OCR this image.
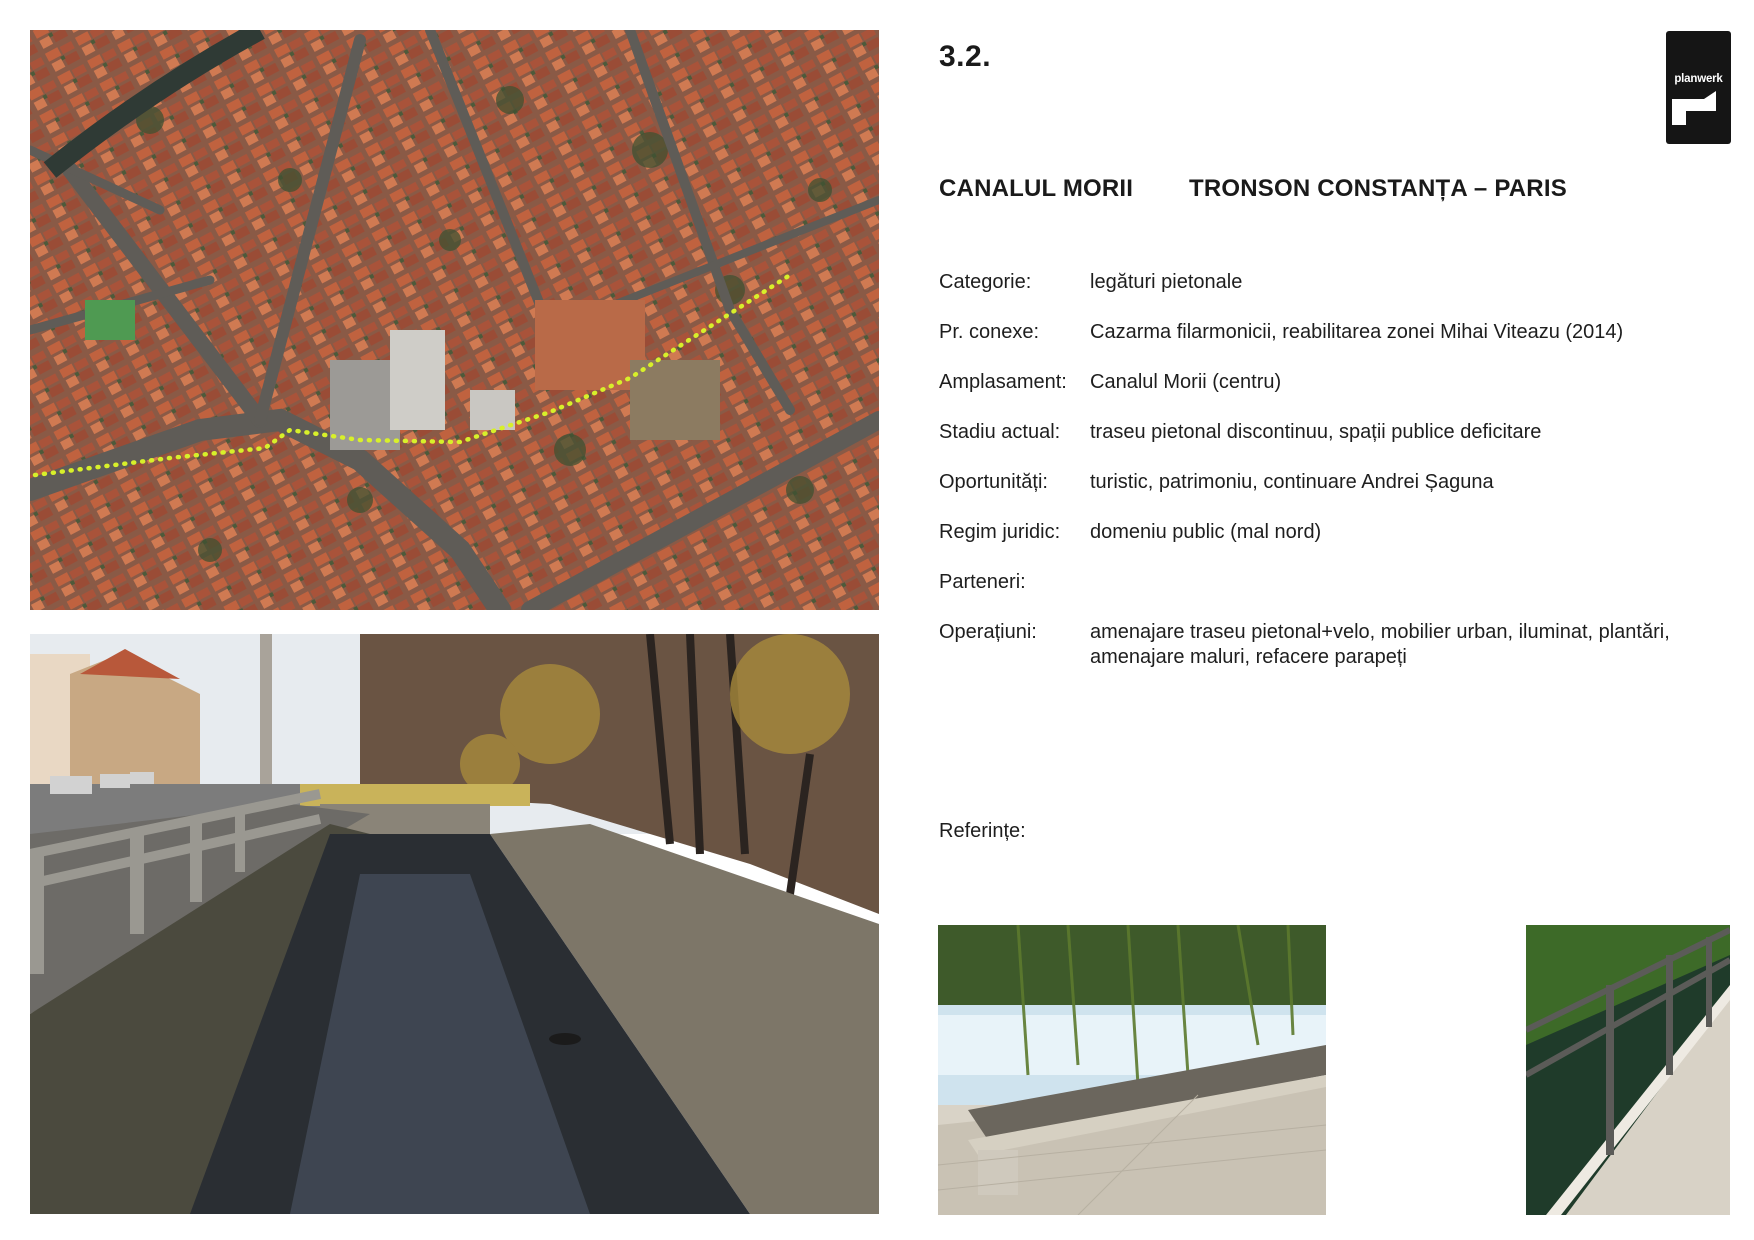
3.2.
planwerk
CANALUL MORII TRONSON CONSTANȚA – PARIS
Categorie:	legături pietonale
Pr. conexe:	Cazarma filarmonicii, reabilitarea zonei Mihai Viteazu (2014)
Amplasament: Canalul Morii (centru)
Stadiu actual: traseu pietonal discontinuu, spații publice deficitare
Oportunități: turistic, patrimoniu, continuare Andrei Șaguna
Regim juridic: domeniu public (mal nord)
Parteneri:
Operațiuni:	amenajare traseu pietonal+velo, mobilier urban, iluminat, plantări, amenajare maluri, refacere parapeți
Referințe:
